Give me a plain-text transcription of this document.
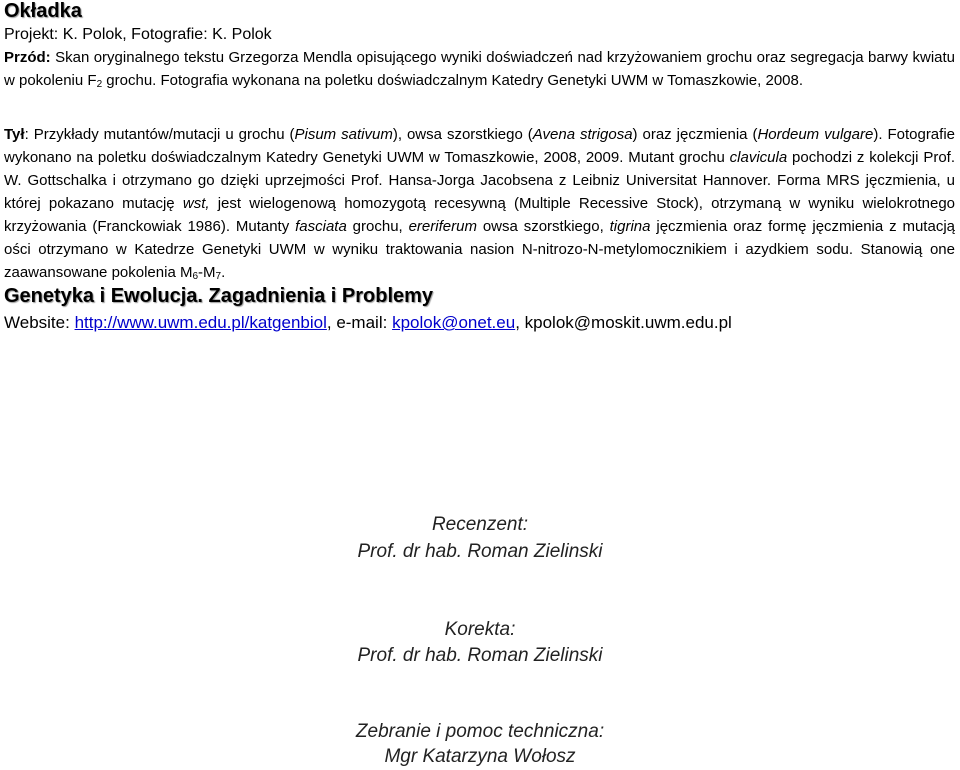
Okładka
Projekt: K. Polok, Fotografie: K. Polok

Przód: Skan oryginalnego tekstu Grzegorza Mendla opisującego wyniki doświadczeń nad krzyżowaniem grochu oraz segregacja barwy kwiatu w pokoleniu $F_2$ grochu. Fotografia wykonana na poletku doświadczalnym Katedry Genetyki UWM w Tomaszkowie, 2008.

Tył: Przykłady mutantów/mutacji u grochu (Pisum sativum), owsa szorstkiego (Avena strigosa) oraz jęczmienia (Hordeum vulgare). Fotografie wykonano na poletku doświadczalnym Katedry Genetyki UWM w Tomaszkowie, 2008, 2009. Mutant grochu clavicula pochodzi z kolekcji Prof. W. Gottschalka i otrzymano go dzięki uprzejmości Prof. Hansa-Jorga Jacobsena z Leibniz Universitat Hannover. Forma MRS jęczmienia, u której pokazano mutację wst, jest wielogenową homozygotą recesywną (Multiple Recessive Stock), otrzymaną w wyniku wielokrotnego krzyżowania (Franckowiak 1986). Mutanty fasciata grochu, ereriferum owsa szorstkiego, tigrina jęczmienia oraz formę jęczmienia z mutacją ości otrzymano w Katedrze Genetyki UWM w wyniku traktowania nasion N-nitrozo-N-metylomocznikiem i azydkiem sodu. Stanowią one zaawansowane pokolenia $M_6-M_7$.

Genetyka i Ewolucja. Zagadnienia i Problemy
Website: http://www.uwm.edu.pl/katgenbiol, e-mail: kpolok@onet.eu, kpolok@moskit.uwm.edu.pl
Recenzent:
Prof. dr hab. Roman Zielinski
Korekta:
Prof. dr hab. Roman Zielinski
Zebranie i pomoc techniczna:
Mgr Katarzyna Wołosz
